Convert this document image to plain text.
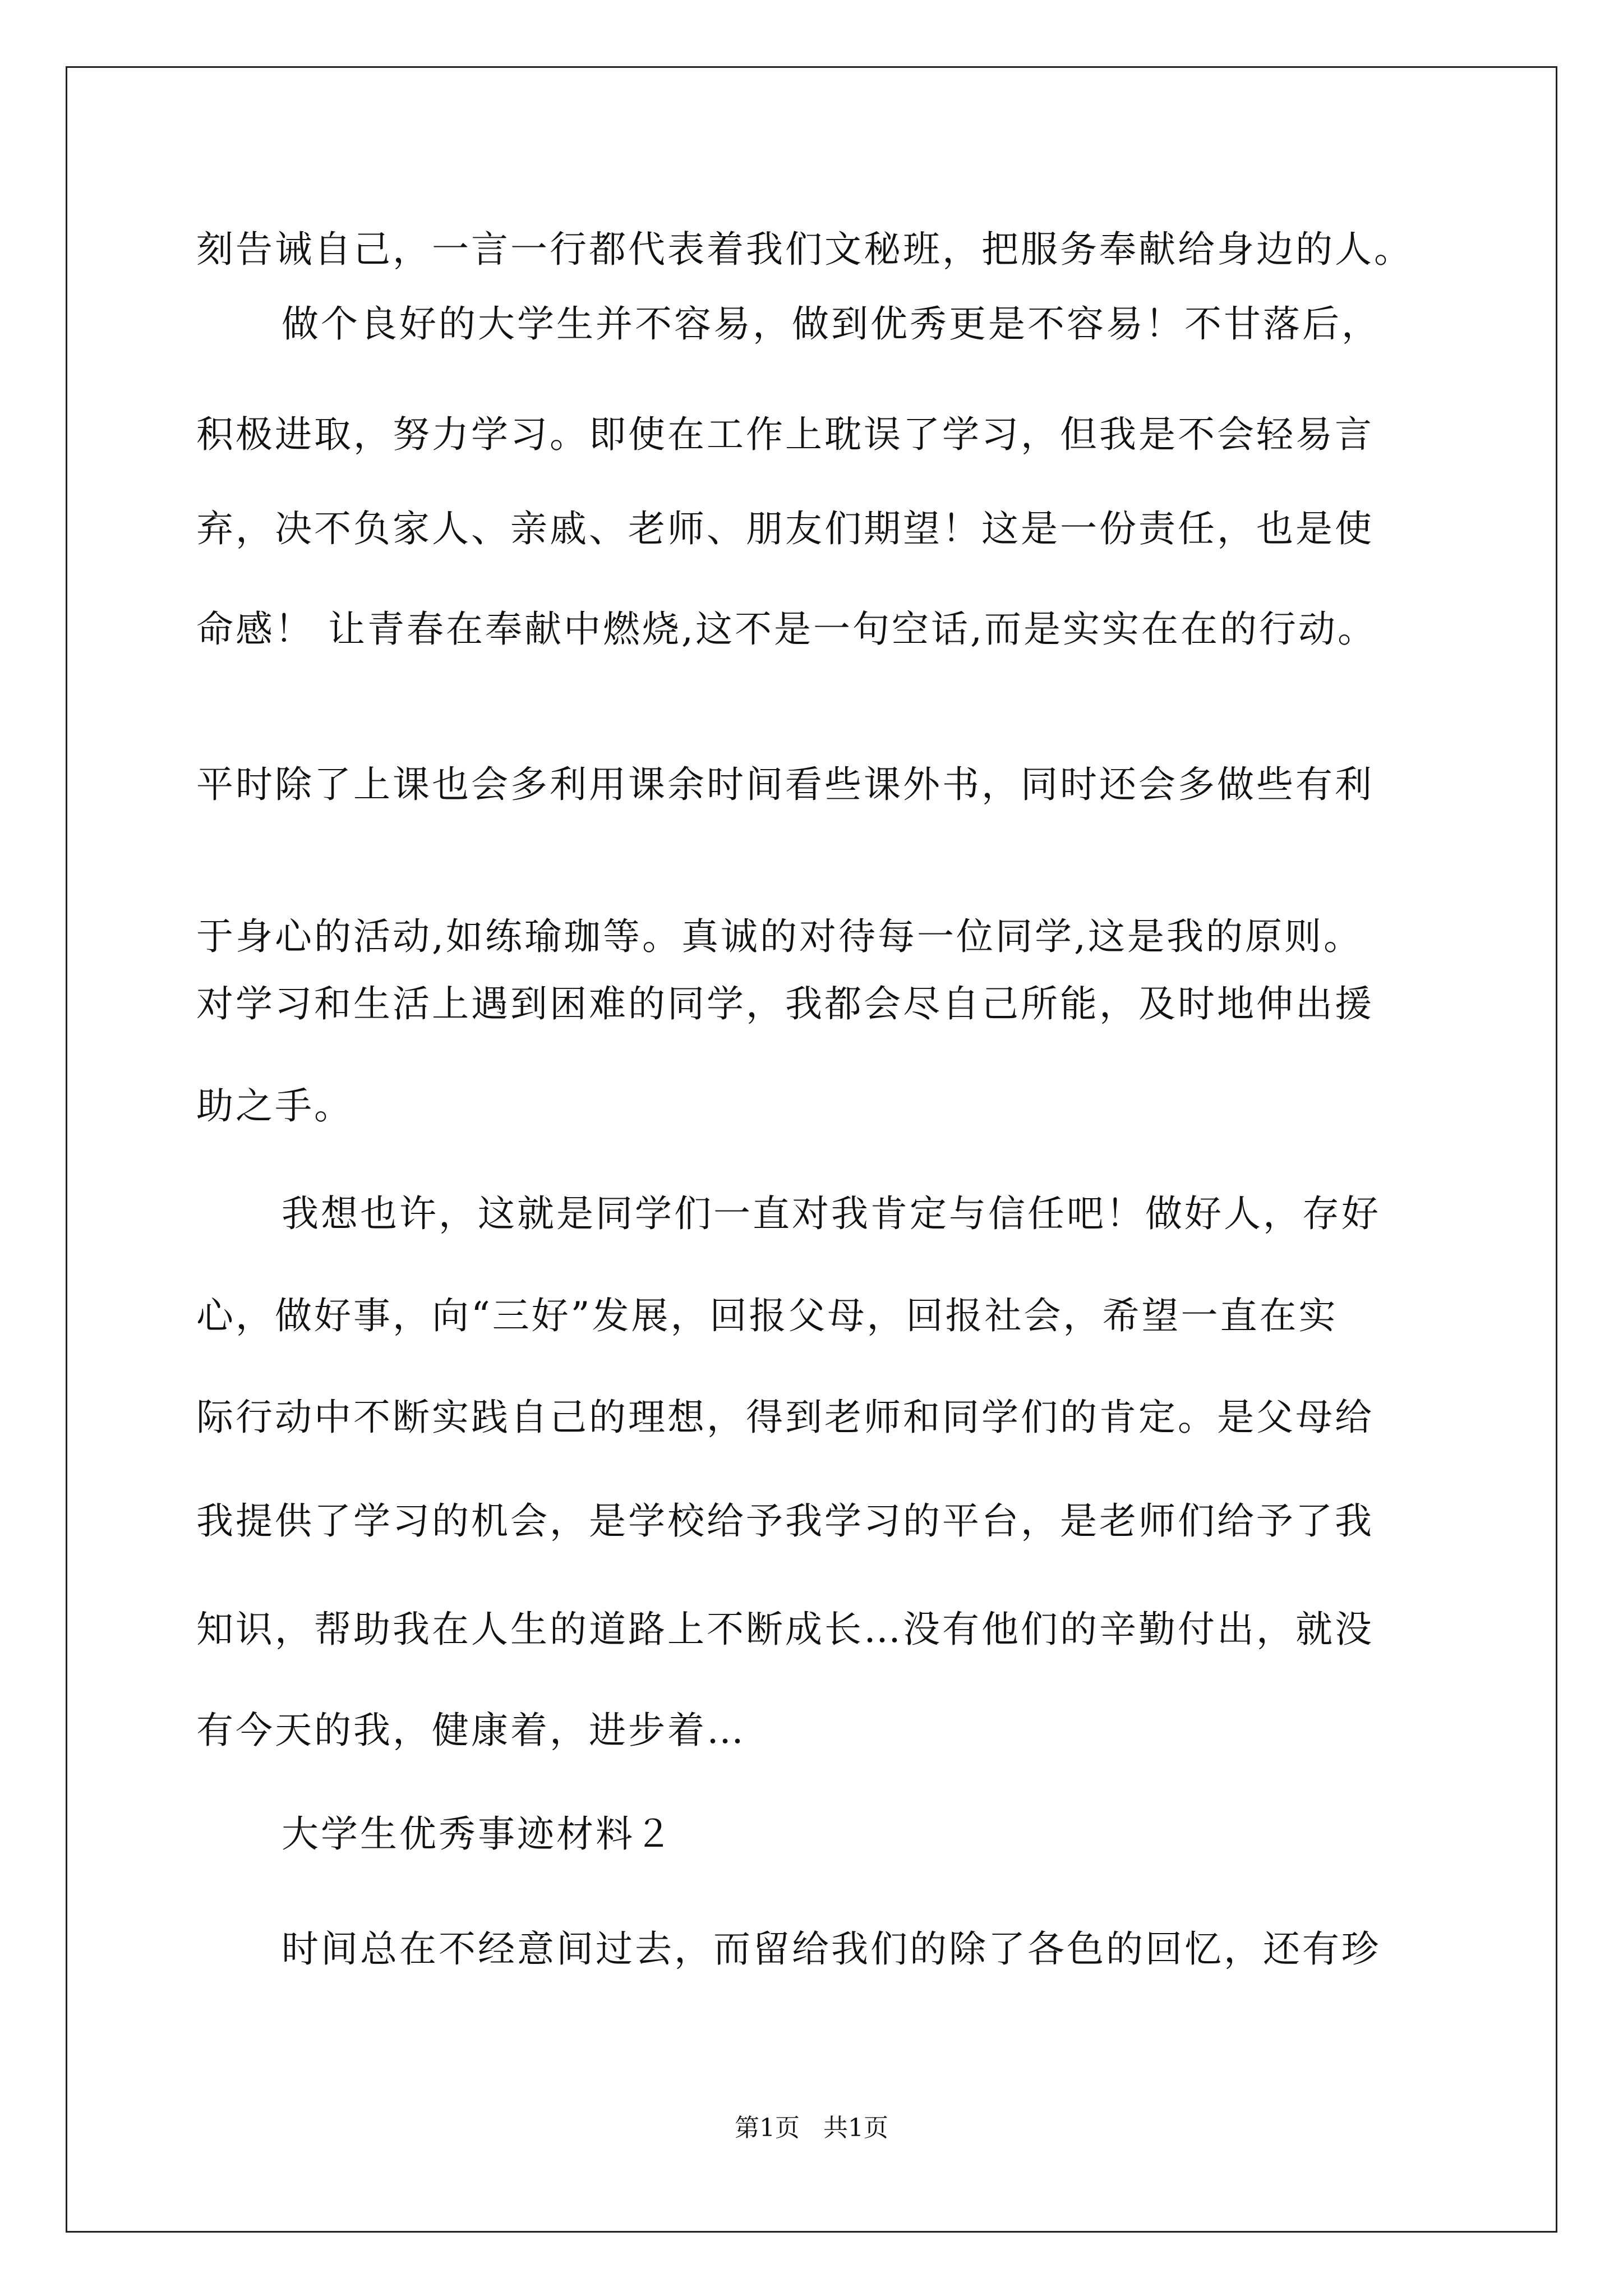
刻告诫自己，一言一行都代表着我们文秘班，把服务奉献给身边的人。
做个良好的大学生并不容易，做到优秀更是不容易！不甘落后，
积极进取，努力学习。即使在工作上耽误了学习，但我是不会轻易言
弃，决不负家人、亲戚、老师、朋友们期望！这是一份责任，也是使
命感！ 让青春在奉献中燃烧,这不是一句空话,而是实实在在的行动。
平时除了上课也会多利用课余时间看些课外书，同时还会多做些有利
于身心的活动,如练瑜珈等。真诚的对待每一位同学,这是我的原则。
对学习和生活上遇到困难的同学，我都会尽自己所能，及时地伸出援
助之手。
我想也许，这就是同学们一直对我肯定与信任吧！做好人，存好
心，做好事，向“三好”发展，回报父母，回报社会，希望一直在实
际行动中不断实践自己的理想，得到老师和同学们的肯定。是父母给
我提供了学习的机会，是学校给予我学习的平台，是老师们给予了我
知识，帮助我在人生的道路上不断成长…没有他们的辛勤付出，就没
有今天的我，健康着，进步着…
大学生优秀事迹材料２
时间总在不经意间过去，而留给我们的除了各色的回忆，还有珍
第1页   共1页
